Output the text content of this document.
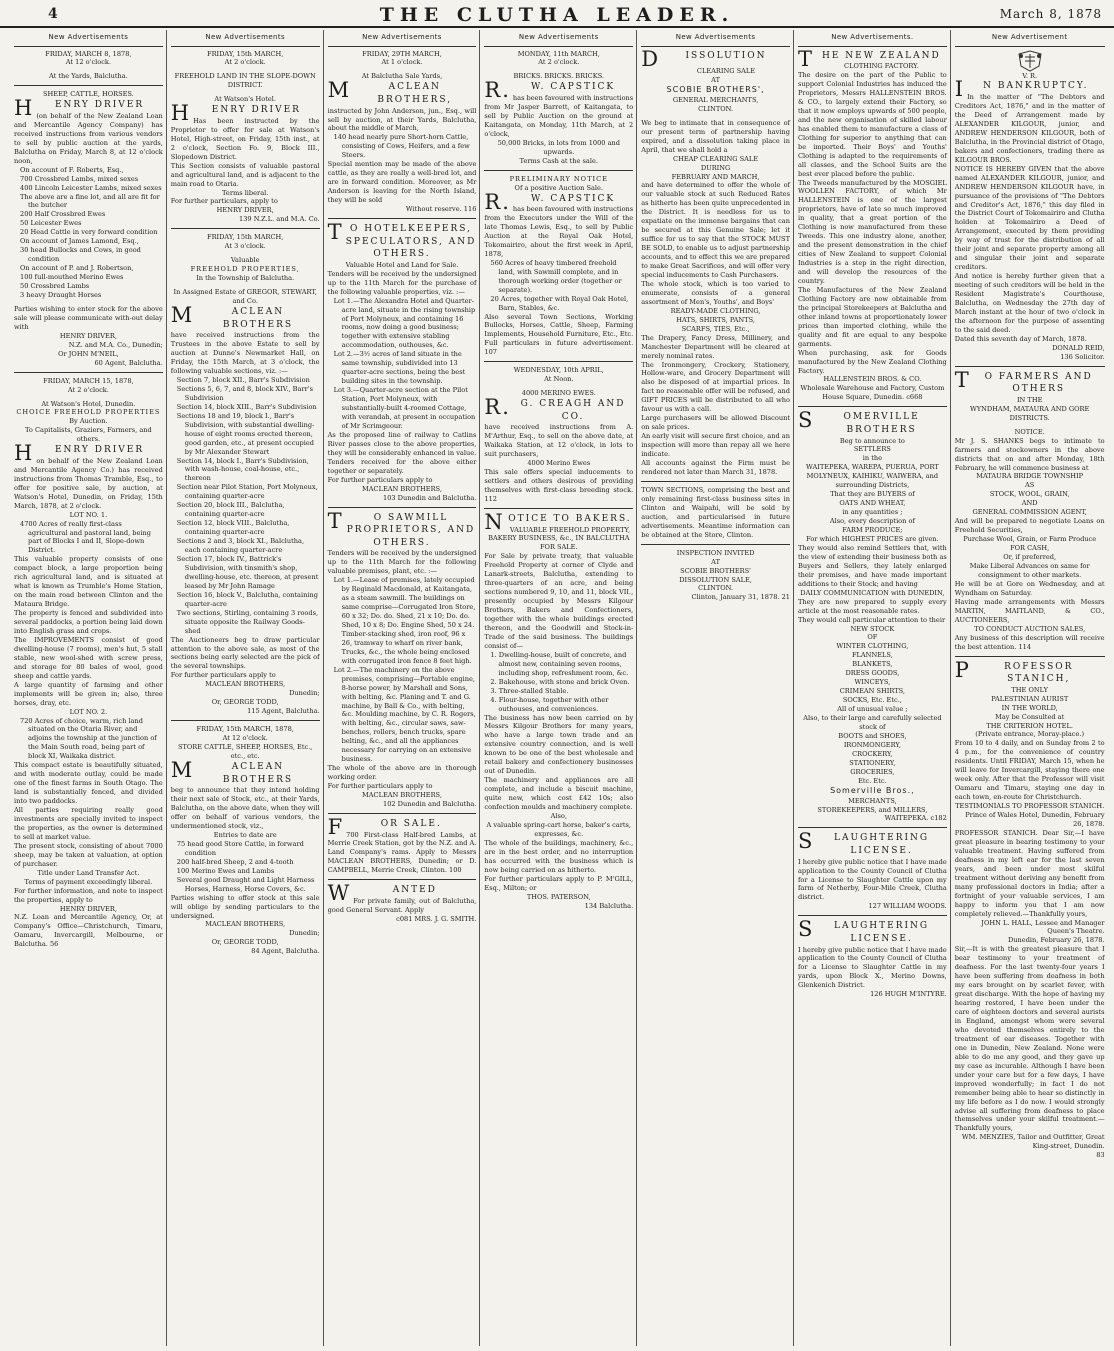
4	THE CLUTHA LEADER.	March 8, 1878
New Advertisements
FRIDAY, MARCH 8, 1878,
At 12 o'clock.
At the Yards, Balclutha.
SHEEP, CATTLE, HORSES.
HENRY DRIVER
(on behalf of the New Zealand Loan and Mercantile Agency Company) has received instructions from various vendors to sell by public auction at the yards, Balclutha on Friday, March 8, at 12 o'clock noon,
On account of F. Roberts, Esq.,
700 Crossbred Lambs, mixed sexes
400 Lincoln Leicester Lambs, mixed sexes
The above are a fine lot, and all are fit for the butcher
200 Half Crossbred Ewes
50 Leicester Ewes
20 Head Cattle in very forward condition
On account of James Lamond, Esq.,
30 head Bullocks and Cows, in good condition
On account of P. and J. Robertson,
100 full-mouthed Merino Ewes
50 Crossbred Lambs
3 heavy Draught Horses
Parties wishing to enter stock for the above sale will please communicate with-out delay with
HENRY DRIVER,
N.Z. and M.A. Co., Dunedin;
Or JOHN M'NEIL,
60 Agent, Balclutha.
FRIDAY, MARCH 15, 1878,
At 2 o'clock.
At Watson's Hotel, Dunedin.
CHOICE FREEHOLD PROPERTIES
By Auction.
To Capitalists, Graziers, Farmers, and others.
HENRY DRIVER
on behalf of the New Zealand Loan and Mercantile Agency Co.) has received instructions from Thomas Tramble, Esq., to offer for positive sale, by auction, at Watson's Hotel, Dunedin, on Friday, 15th March, 1878, at 2 o'clock.
LOT NO. 1.
4700 Acres of really first-class agricultural and pastoral land, being part of Blocks I and II, Slope-down District.
This valuable property consists of one compact block, a large proportion being rich agricultural land, and is situated at what is known as Trumble's Home Station, on the main road between Clinton and the Mataura Bridge.
The property is fenced and subdivided into several paddocks, a portion being laid down into English grass and crops.
The IMPROVEMENTS consist of good dwelling-house (7 rooms), men's hut, 5 stall stable, new wool-shed with screw press, and storage for 80 bales of wool, good sheep and cattle yards.
A large quantity of farming and other implements will be given in; also, three horses, dray, etc.
LOT NO. 2.
720 Acres of choice, warm, rich land situated on the Otaria River, and adjoins the township at the junction of the Main South road, being part of block XI, Waikaka district.
This compact estate is beautifully situated, and with moderate outlay, could be made one of the finest farms in South Otago. The land is substantially fenced, and divided into two paddocks.
All parties requiring really good investments are specially invited to inspect the properties, as the owner is determined to sell at market value.
The present stock, consisting of about 7000 sheep, may be taken at valuation, at option of purchaser.
Title under Land Transfer Act.
Terms of payment exceedingly liberal.
For further information, and note to inspect the properties, apply to
HENRY DRIVER,
N.Z. Loan and Mercantile Agency, Or, at Company's Office—Christchurch, Timaru, Oamaru, Invercargill, Melbourne, or Balclutha. 56
New Advertisements
FRIDAY, 15th MARCH,
At 2 o'clock.
FREEHOLD LAND IN THE SLOPE-DOWN DISTRICT.
At Watson's Hotel.
HENRY DRIVER
Has been instructed by the Proprietor to offer for sale at Watson's Hotel, High-street, on Friday, 15th inst., at 2 o'clock, Section Fo. 9, Block III., Slopedown District.
This Section consists of valuable pastoral and agricultural land, and is adjacent to the main road to Otaria.
Terms liberal.
For further particulars, apply to
HENRY DRIVER,
139 N.Z.L. and M.A. Co.
FRIDAY, 15th MARCH,
At 3 o'clock.
Valuable
FREEHOLD PROPERTIES,
In the Township of Balclutha.
In Assigned Estate of GREGOR, STEWART, and Co.
MACLEAN BROTHERS
have received instructions from the Trustees in the above Estate to sell by auction at Dunne's Newmarket Hall, on Friday, the 15th March, at 3 o'clock, the following valuable sections, viz. :—
Section 7, block XII., Barr's Subdivision
Sections 5, 6, 7, and 8, block XIV., Barr's Subdivision
Section 14, block XIII., Barr's Subdivision
Sections 18 and 19, block I., Barr's Subdivision, with substantial dwelling-house of eight rooms erected thereon, good garden, etc., at present occupied by Mr Alexander Stewart
Section 14, block I., Barr's Subdivision, with wash-house, coal-house, etc., thereon
Section near Pilot Station, Port Molyneux, containing quarter-acre
Section 20, block III., Balclutha, containing quarter-acre
Section 12, block VIII., Balclutha, containing quarter-acre
Sections 2 and 3, block XI., Balclutha, each containing quarter-acre
Section 17, block IV., Battrick's Subdivision, with tinsmith's shop, dwelling-house, etc. thereon, at present leased by Mr John Ramage
Section 16, block V., Balclutha, containing quarter-acre
Two sections, Stirling, containing 3 roods, situate opposite the Railway Goods-shed
The Auctioneers beg to draw particular attention to the above sale, as most of the sections being early selected are the pick of the several townships.
For further particulars apply to
MACLEAN BROTHERS,
Dunedin;
Or, GEORGE TODD,
115 Agent, Balclutha.
FRIDAY, 15th MARCH, 1878,
At 12 o'clock.
STORE CATTLE, SHEEP, HORSES, Etc., etc., etc.
MACLEAN BROTHERS
beg to announce that they intend holding their next sale of Stock, etc., at their Yards, Balclutha, on the above date, when they will offer on behalf of various vendors, the undermentioned stock, viz.,
Entries to date are
75 head good Store Cattle, in forward condition
200 half-bred Sheep, 2 and 4-tooth
100 Merino Ewes and Lambs
Several good Draught and Light Harness Horses, Harness, Horse Covers, &c.
Parties wishing to offer stock at this sale will oblige by sending particulars to the undersigned.
MACLEAN BROTHERS,
Dunedin;
Or, GEORGE TODD,
84 Agent, Balclutha.
New Advertisements
FRIDAY, 29TH MARCH,
At 1 o'clock.
At Balclutha Sale Yards,
MACLEAN BROTHERS,
instructed by John Anderson, jun., Esq., will sell by auction, at their Yards, Balclutha, about the middle of March,
140 head nearly pure Short-horn Cattle, consisting of Cows, Heifers, and a few Steers.
Special mention may be made of the above cattle, as they are really a well-bred lot, and are in forward condition. Moreover, as Mr Anderson is leaving for the North Island, they will be sold
Without reserve. 116
TO HOTELKEEPERS, SPECULATORS, AND OTHERS.
Valuable Hotel and Land for Sale.
Tenders will be received by the undersigned up to the 11th March for the purchase of the following valuable properties, viz. :—
Lot 1.—The Alexandra Hotel and Quarter-acre land, situate in the rising township of Port Molyneux, and containing 16 rooms, now doing a good business; together with extensive stabling accommodation, outhouses, &c.
Lot 2.—3½ acres of land situate in the same township, subdivided into 13 quarter-acre sections, being the best building sites in the township.
Lot 3.—Quarter-acre section at the Pilot Station, Port Molyneux, with substantially-built 4-roomed Cottage, with verandah, at present in occupation of Mr Scrimgeour.
As the proposed line of railway to Catlins River passes close to the above properties, they will be considerably enhanced in value.
Tenders received for the above either together or separately.
For further particulars apply to
MACLEAN BROTHERS,
103 Dunedin and Balclutha.
TO SAWMILL PROPRIETORS, AND OTHERS.
Tenders will be received by the undersigned up to the 11th March for the following valuable premises, plant, etc. :—
Lot 1.—Lease of premises, lately occupied by Reginald Macdonald, at Kaitangata, as a steam sawmill. The buildings on same comprise—Corrugated Iron Store, 60 x 32; Do. do. Shed, 21 x 10; Do. do. Shed, 10 x 8; Do. Engine Shed, 50 x 24. Timber-stacking shed, iron roof, 96 x 26, tramway to wharf on river bank, Trucks, &c., the whole being enclosed with corrugated iron fence 8 feet high.
Lot 2.—The machinery on the above premises, comprising—Portable engine, 8-horse power, by Marshall and Sons, with belting, &c. Planing and T. and G. machine, by Ball & Co., with belting, &c. Moulding machine, by C. R. Rogers, with belting, &c., circular saws, saw-benches, rollers, bench trucks, spare belting, &c., and all the appliances necessary for carrying on an extensive business.
The whole of the above are in thorough working order.
For further particulars apply to
MACLEAN BROTHERS,
102 Dunedin and Balclutha.
FOR SALE.
700 First-class Half-bred Lambs, at Merrie Creek Station, got by the N.Z. and A. Land Company's rams. Apply to Messrs MACLEAN BROTHERS, Dunedin; or D. CAMPBELL, Merrie Creek, Clinton. 100
WANTED
For private family, out of Balclutha, good General Servant. Apply
c081 MRS. J. G. SMITH.
New Advertisements
MONDAY, 11th MARCH,
At 2 o'clock.
BRICKS. BRICKS. BRICKS.
R.W. CAPSTICK
has been favoured with instructions from Mr Jasper Barrett, of Kaitangata, to sell by Public Auction on the ground at Kaitangata, on Monday, 11th March, at 2 o'clock,
50,000 Bricks, in lots from 1000 and upwards.
Terms Cash at the sale.
PRELIMINARY NOTICE
Of a positive Auction Sale.
R.W. CAPSTICK
has been favoured with instructions from the Executors under the Will of the late Thomas Lewis, Esq., to sell by Public Auction at the Royal Oak Hotel, Tokomairiro, about the first week in April, 1878,
560 Acres of heavy timbered freehold land, with Sawmill complete, and in thorough working order (together or separate).
20 Acres, together with Royal Oak Hotel, Barn, Stables, &c.
Also several Town Sections, Working Bullocks, Horses, Cattle, Sheep, Farming Implements, Household Furniture, Etc., Etc.
Full particulars in future advertisement. 107
WEDNESDAY, 10th APRIL,
At Noon.
4000 MERINO EWES.
R.G. CREAGH AND CO.
have received instructions from A. M'Arthur, Esq., to sell on the above date, at Waikaka Station, at 12 o'clock, in lots to suit purchasers,
4000 Merino Ewes
This sale offers special inducements to settlers and others desirous of providing themselves with first-class breeding stock. 112
NOTICE TO BAKERS.
VALUABLE FREEHOLD PROPERTY, BAKERY BUSINESS, &c., IN BALCLUTHA FOR SALE.
For Sale by private treaty, that valuable Freehold Property at corner of Clyde and Lanark-streets, Balclutha, extending to three-quarters of an acre, and being sections numbered 9, 10, and 11, block VII., presently occupied by Messrs Kilgour Brothers, Bakers and Confectioners, together with the whole buildings erected thereon, and the Goodwill and Stock-in-Trade of the said business. The buildings consist of—
1. Dwelling-house, built of concrete, and almost new, containing seven rooms, including shop, refreshment room, &c.
2. Bakehouse, with stone and brick Oven.
3. Three-stalled Stable.
4. Flour-house, together with other outhouses, and conveniences.
The business has now been carried on by Messrs Kilgour Brothers for many years, who have a large town trade and an extensive country connection, and is well known to be one of the best wholesale and retail bakery and confectionery businesses out of Dunedin.
The machinery and appliances are all complete, and include a biscuit machine, quite new, which cost £42 10s; also confection moulds and machinery complete.
Also,
A valuable spring-cart horse, baker's carts, expresses, &c.
The whole of the buildings, machinery, &c., are in the best order, and no interruption has occurred with the business which is now being carried on as hitherto.
For further particulars apply to P. M'GILL, Esq., Milton; or
THOS. PATERSON,
134 Balclutha.
New Advertisements
DISSOLUTION
CLEARING SALE
AT
SCOBIE BROTHERS',
GENERAL MERCHANTS,
CLINTON.
We beg to intimate that in consequence of our present term of partnership having expired, and a dissolution taking place in April, that we shall hold a
CHEAP CLEARING SALE
DURING
FEBRUARY AND MARCH,
and have determined to offer the whole of our valuable stock at such Reduced Rates as hitherto has been quite unprecedented in the District. It is needless for us to expatiate on the immense bargains that can be secured at this Genuine Sale; let it suffice for us to say that the STOCK MUST BE SOLD, to enable us to adjust partnership accounts, and to effect this we are prepared to make Great Sacrifices, and will offer very special inducements to Cash Purchasers.
The whole stock, which is too varied to enumerate, consists of a general assortment of Men's, Youths', and Boys'
READY-MADE CLOTHING,
HATS, SHIRTS, PANTS,
SCARFS, TIES, Etc.,
The Drapery, Fancy Dress, Millinery, and Manchester Department will be cleared at merely nominal rates.
The Ironmongery, Crockery, Stationery, Hollow-ware, and Grocery Department will also be disposed of at impartial prices. In fact no reasonable offer will be refused, and GIFT PRICES will be distributed to all who favour us with a call.
Large purchasers will be allowed Discount on sale prices.
An early visit will secure first choice, and an inspection will more than repay all we here indicate.
All accounts against the Firm must be rendered not later than March 31, 1878.
TOWN SECTIONS, comprising the best and only remaining first-class business sites in Clinton and Waipahi, will be sold by auction, and particularised in future advertisements. Meantime information can be obtained at the Store, Clinton.
INSPECTION INVITED
AT
SCOBIE BROTHERS'
DISSOLUTION SALE,
CLINTON.
Clinton, January 31, 1878. 21
New Advertisements.
THE NEW ZEALAND
CLOTHING FACTORY.
The desire on the part of the Public to support Colonial Industries has induced the Proprietors, Messrs HALLENSTEIN BROS. & CO., to largely extend their Factory, so that it now employs upwards of 500 people, and the new organisation of skilled labour has enabled them to manufacture a class of Clothing for superior to anything that can be imported. Their Boys' and Youths' Clothing is adapted to the requirements of all classes, and the School Suits are the best ever placed before the public.
The Tweeds manufactured by the MOSGIEL WOOLLEN FACTORY, of which Mr HALLENSTEIN is one of the largest proprietors, have of late so much improved in quality, that a great portion of the Clothing is now manufactured from these Tweeds. This one industry alone, another, and the present demonstration in the chief cities of New Zealand to support Colonial Industries is a step in the right direction, and will develop the resources of the country.
The Manufactures of the New Zealand Clothing Factory are now obtainable from the principal Storekeepers at Balclutha and other inland towns at proportionately lower prices than imported clothing, while the quality and fit are equal to any bespoke garments.
When purchasing, ask for Goods manufactured by the New Zealand Clothing Factory.
HALLENSTEIN BROS. & CO.
Wholesale Warehouse and Factory, Custom House Square, Dunedin. c668
SOMERVILLE BROTHERS
Beg to announce to
SETTLERS
in the
WAITEPEKA, WAREPA, PUERUA, PORT MOLYNEUX, KAIHIKU, WAIWERA, and surrounding Districts,
That they are BUYERS of
OATS AND WHEAT,
in any quantities ;
Also, every description of
FARM PRODUCE;
For which HIGHEST PRICES are given.
They would also remind Settlers that, with the view of extending their business both as Buyers and Sellers, they lately enlarged their premises, and have made important additions to their Stock; and having
DAILY COMMUNICATION with DUNEDIN,
They are now prepared to supply every article at the most reasonable rates.
They would call particular attention to their
NEW STOCK
OF
WINTER CLOTHING,
FLANNELS,
BLANKETS,
DRESS GOODS,
WINCEYS,
CRIMEAN SHIRTS,
SOCKS, Etc. Etc.,
All of unusual value ;
Also, to their large and carefully selected stock of
BOOTS and SHOES,
IRONMONGERY,
CROCKERY,
STATIONERY,
GROCERIES,
Etc. Etc.
Somerville Bros.,
MERCHANTS,
STOREKEEPERS, and MILLERS,
WAITEPEKA. c182
SLAUGHTERING LICENSE.
I hereby give public notice that I have made application to the County Council of Clutha for a License to Slaughter Cattle upon my farm of Netherby, Four-Mile Creek, Clutha district.
127 WILLIAM WOODS.
SLAUGHTERING LICENSE.
I hereby give public notice that I have made application to the County Council of Clutha for a License to Slaughter Cattle in my yards, upon Block X., Merino Downs, Glenkenich District.
126 HUGH M'INTYRE.
New Advertisement
V. R.
IN BANKRUPTCY.
In the matter of "The Debtors and Creditors Act, 1876," and in the matter of the Deed of Arrangement made by ALEXANDER KILGOUR, junior, and ANDREW HENDERSON KILGOUR, both of Balclutha, in the Provincial district of Otago, bakers and confectioners, trading there as KILGOUR BROS.
NOTICE IS HEREBY GIVEN that the above named ALEXANDER KILGOUR, junior, and ANDREW HENDERSON KILGOUR have, in pursuance of the provisions of "The Debtors and Creditor's Act, 1876," this day filed in the District Court of Tokomairiro and Clutha holden at Tokomairiro a Deed of Arrangement, executed by them providing by way of trust for the distribution of all their joint and separate property among all and singular their joint and separate creditors.
And notice is hereby further given that a meeting of such creditors will be held in the Resident Magistrate's Courthouse, Balclutha, on Wednesday the 27th day of March instant at the hour of two o'clock in the afternoon for the purpose of assenting to the said deed.
Dated this seventh day of March, 1878.
DONALD REID,
136 Solicitor.
TO FARMERS AND OTHERS
IN THE
WYNDHAM, MATAURA AND GORE DISTRICTS.
NOTICE.
Mr J. S. SHANKS begs to intimate to farmers and stockowners in the above districts that on and after Monday, 18th February, he will commence business at
MATAURA BRIDGE TOWNSHIP
AS
STOCK, WOOL, GRAIN,
AND
GENERAL COMMISSION AGENT,
And will be prepared to negotiate Loans on Freehold Securities,
Purchase Wool, Grain, or Farm Produce
FOR CASH,
Or, if preferred,
Make Liberal Advances on same for consignment to other markets.
He will be at Gore on Wednesday, and at Wyndham on Saturday.
Having made arrangements with Messrs MARTIN, MAITLAND, & CO., AUCTIONEERS,
TO CONDUCT AUCTION SALES,
Any business of this description will receive the best attention. 114
PROFESSOR STANICH,
THE ONLY
PALESTINIAN AURIST
IN THE WORLD,
May be Consulted at
THE CRITERION HOTEL.
(Private entrance, Moray-place.)
From 10 to 4 daily, and on Sunday from 2 to 4 p.m., for the convenience of country residents. Until FRIDAY, March 15, when he will leave for Invercargill, staying there one week only. After that the Professor will visit Oamaru and Timaru, staying one day in each town, en-route for Christchurch.
TESTIMONIALS TO PROFESSOR STANICH.
Prince of Wales Hotel, Dunedin, February 26, 1878.
PROFESSOR STANICH. Dear Sir,—I have great pleasure in bearing testimony to your valuable treatment. Having suffered from deafness in my left ear for the last seven years, and been under most skilful treatment without deriving any benefit from many professional doctors in India; after a fortnight of your valuable services, I am happy to inform you that I am now completely relieved.—Thankfully yours,
JOHN L. HALL, Lessee and Manager Queen's Theatre.
Dunedin, February 26, 1878.
Sir,—It is with the greatest pleasure that I bear testimony to your treatment of deafness. For the last twenty-four years I have been suffering from deafness in both my ears brought on by scarlet fever, with great discharge. With the hope of having my hearing restored, I have been under the care of eighteen doctors and several aurists in England, amongst whom were several who devoted themselves entirely to the treatment of ear diseases. Together with one in Dunedin, New Zealand. None were able to do me any good, and they gave up my case as incurable. Although I have been under your care but for a few days, I have improved wonderfully; in fact I do not remember being able to hear so distinctly in my life before as I do now. I would strongly advise all suffering from deafness to place themselves under your skilful treatment.—Thankfully yours,
WM. MENZIES, Tailor and Outfitter, Great King-street, Dunedin.
83
